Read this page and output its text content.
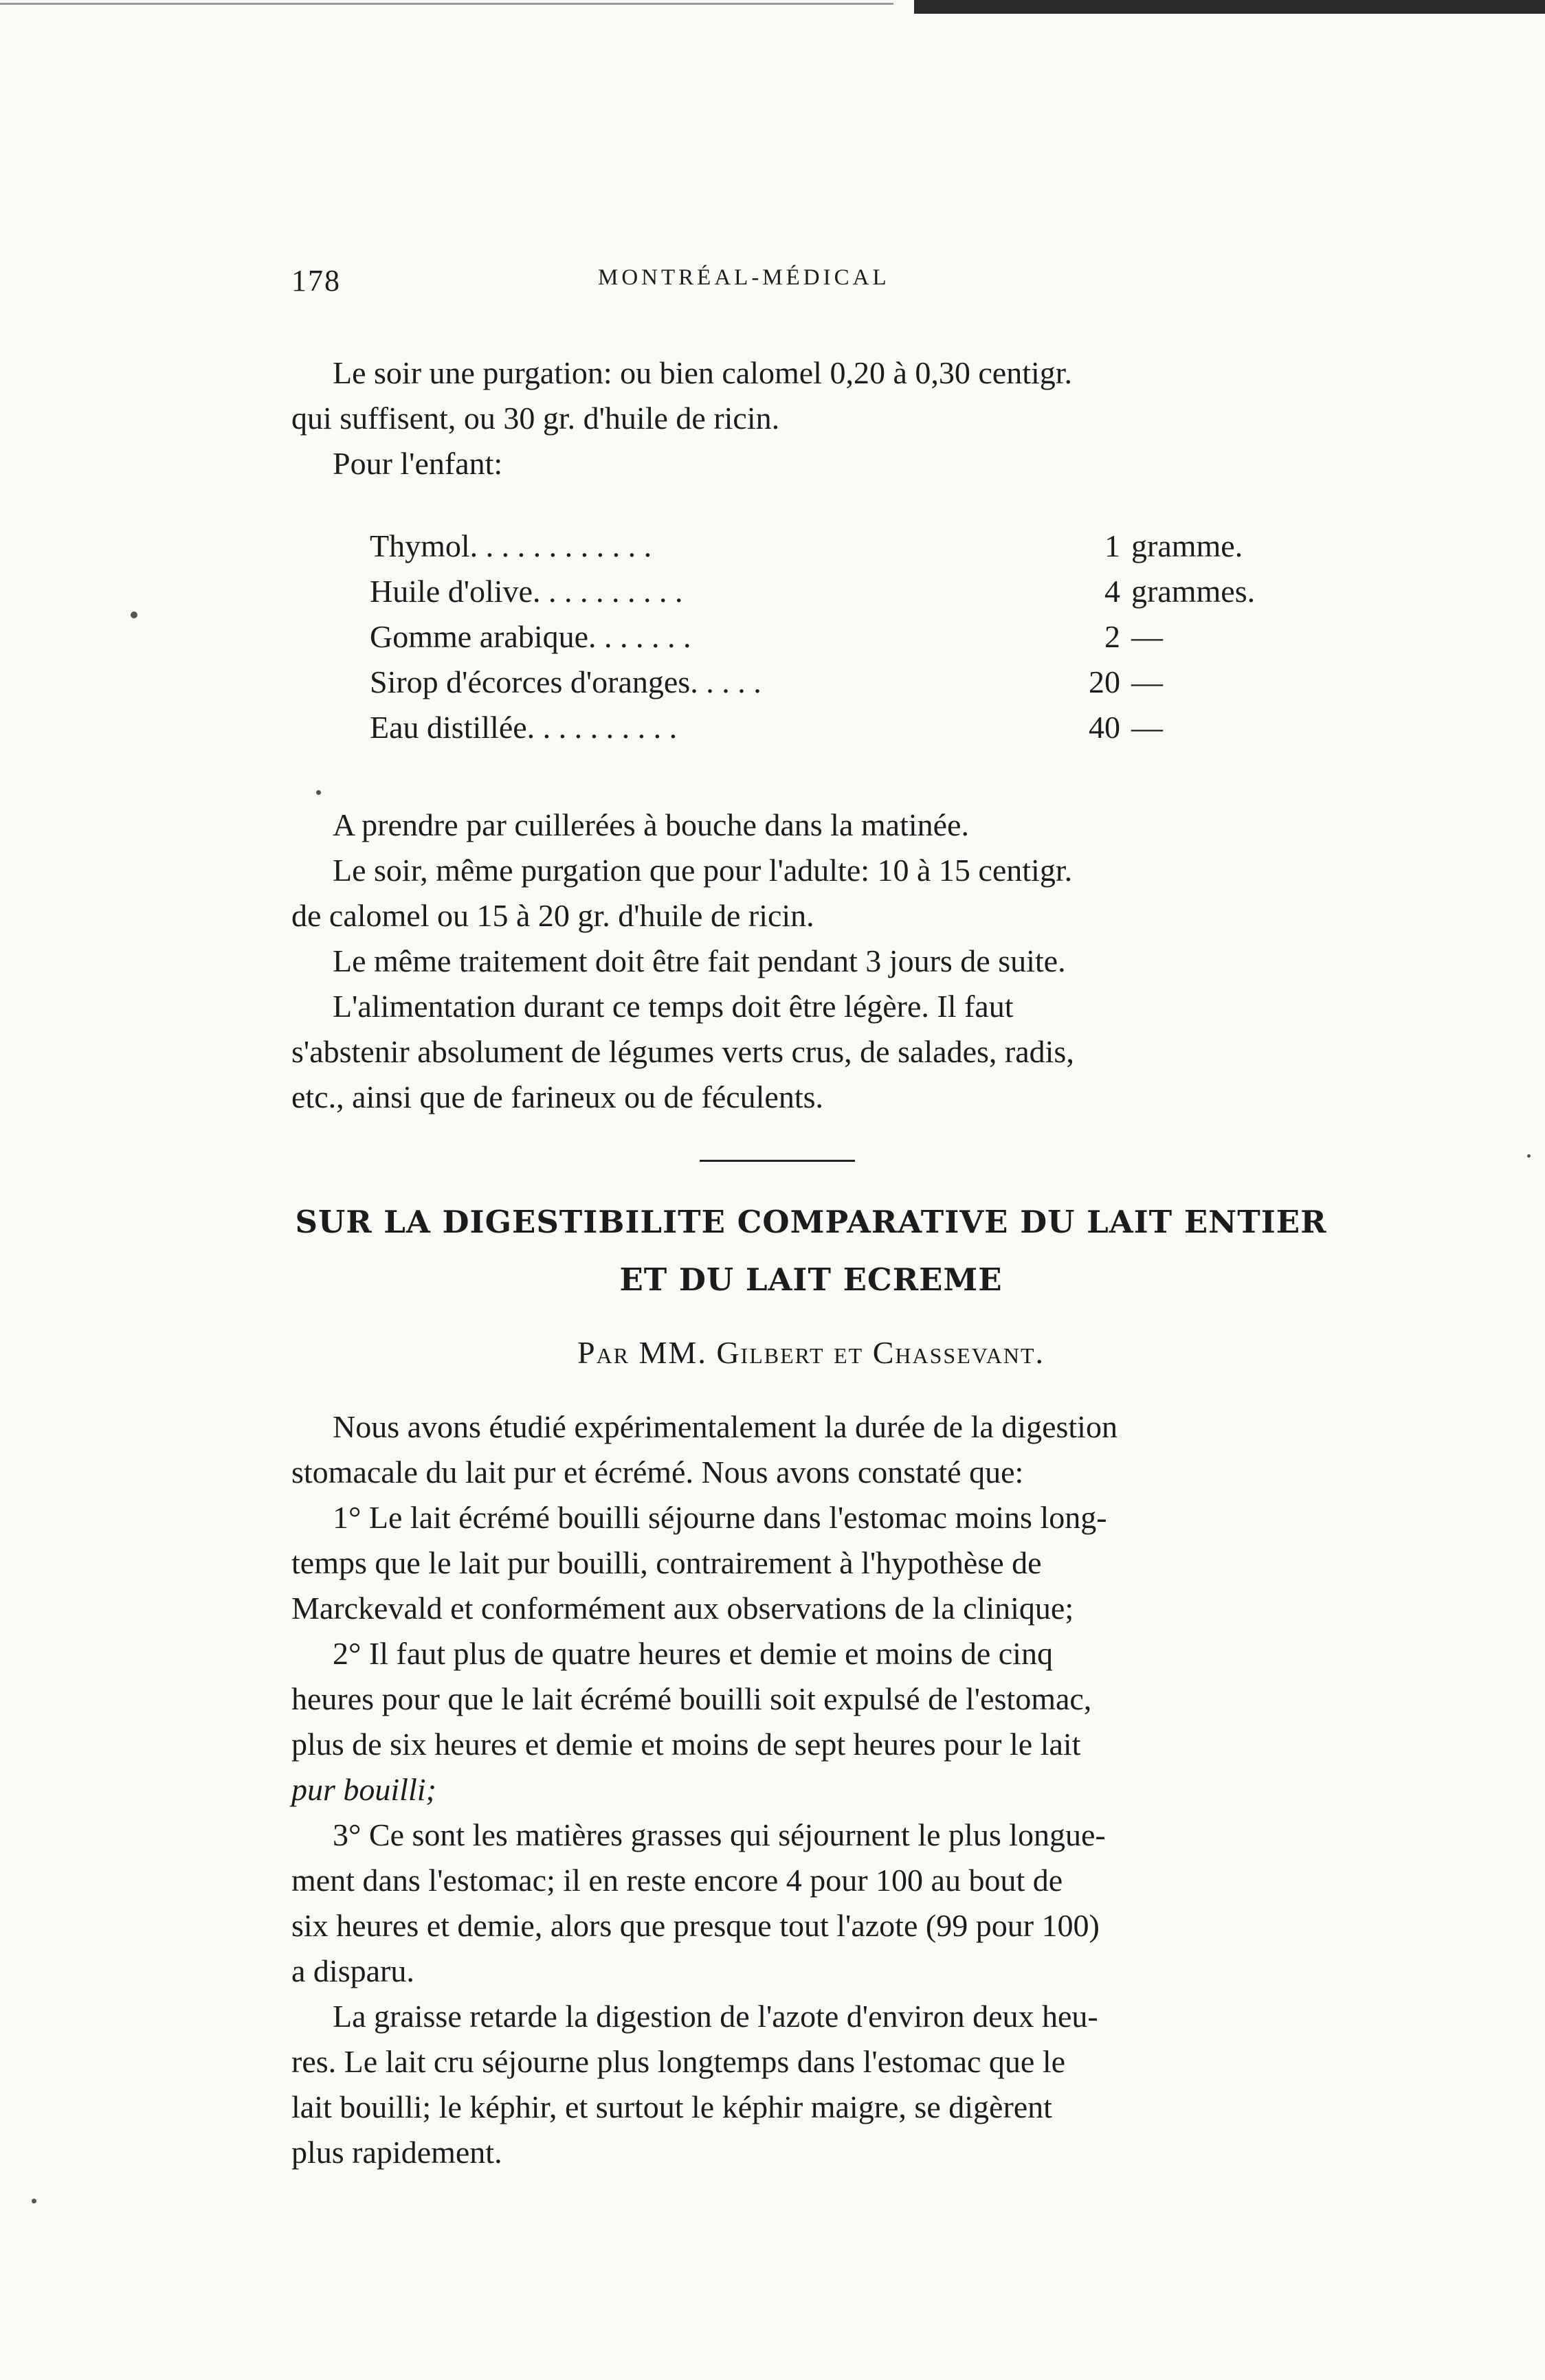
178	MONTRÉAL-MÉDICAL
Le soir une purgation: ou bien calomel 0,20 à 0,30 centigr.
qui suffisent, ou 30 gr. d'huile de ricin.
Pour l'enfant:
Thymol. . . . . . . . . . . .	1 gramme.
Huile d'olive. . . . . . . . . .	4 grammes.
Gomme arabique. . . . . . .	2 —
Sirop d'écorces d'oranges. . . . .	20 —
Eau distillée. . . . . . . . . .	40 —
A prendre par cuillerées à bouche dans la matinée.
Le soir, même purgation que pour l'adulte: 10 à 15 centigr.
de calomel ou 15 à 20 gr. d'huile de ricin.
Le même traitement doit être fait pendant 3 jours de suite.
L'alimentation durant ce temps doit être légère. Il faut
s'abstenir absolument de légumes verts crus, de salades, radis,
etc., ainsi que de farineux ou de féculents.
SUR LA DIGESTIBILITE COMPARATIVE DU LAIT ENTIER
ET DU LAIT ECREME
Par MM. Gilbert et Chassevant.
Nous avons étudié expérimentalement la durée de la digestion
stomacale du lait pur et écrémé. Nous avons constaté que:
1° Le lait écrémé bouilli séjourne dans l'estomac moins long-
temps que le lait pur bouilli, contrairement à l'hypothèse de
Marckevald et conformément aux observations de la clinique;
2° Il faut plus de quatre heures et demie et moins de cinq
heures pour que le lait écrémé bouilli soit expulsé de l'estomac,
plus de six heures et demie et moins de sept heures pour le lait
pur bouilli;
3° Ce sont les matières grasses qui séjournent le plus longue-
ment dans l'estomac; il en reste encore 4 pour 100 au bout de
six heures et demie, alors que presque tout l'azote (99 pour 100)
a disparu.
La graisse retarde la digestion de l'azote d'environ deux heu-
res. Le lait cru séjourne plus longtemps dans l'estomac que le
lait bouilli; le képhir, et surtout le képhir maigre, se digèrent
plus rapidement.
